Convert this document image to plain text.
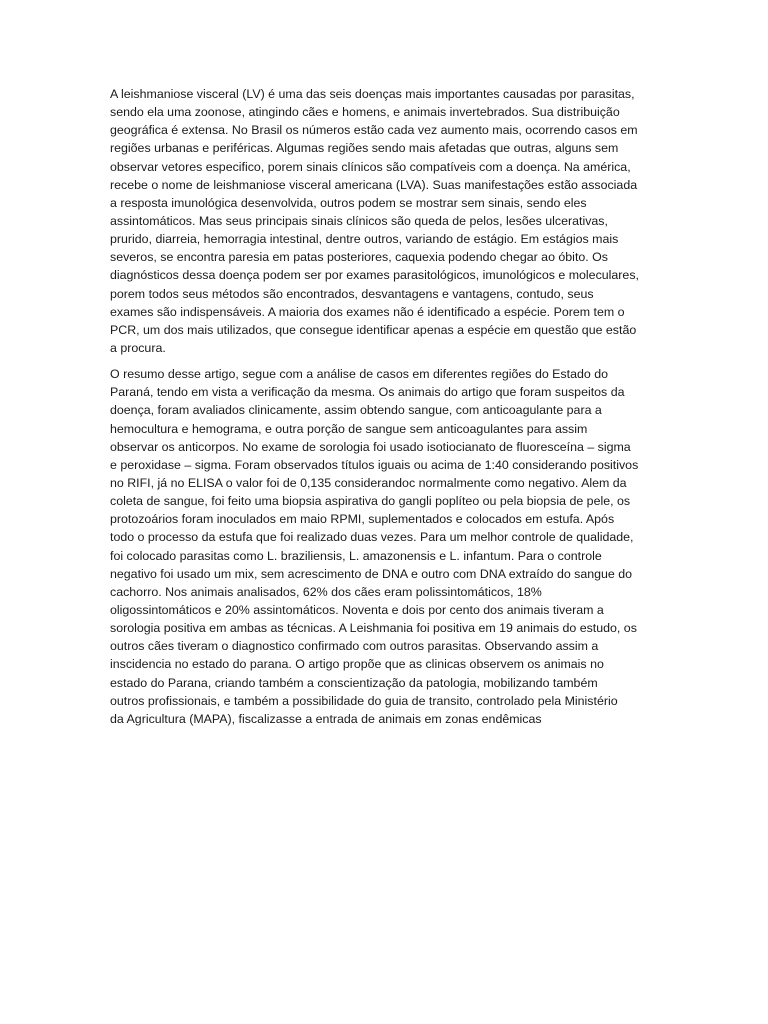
A leishmaniose visceral (LV) é uma das seis doenças mais importantes causadas por parasitas,
sendo ela uma zoonose, atingindo cães e homens, e animais invertebrados. Sua distribuição
geográfica é extensa. No Brasil os números estão cada vez aumento mais, ocorrendo casos em
regiões urbanas e periféricas. Algumas regiões sendo mais afetadas que outras, alguns sem
observar vetores especifico, porem sinais clínicos são compatíveis com a doença. Na américa,
recebe o nome de leishmaniose visceral americana (LVA). Suas manifestações estão associada
a resposta imunológica desenvolvida, outros podem se mostrar sem sinais, sendo eles
assintomáticos. Mas seus principais sinais clínicos são queda de pelos, lesões ulcerativas,
prurido, diarreia, hemorragia intestinal, dentre outros, variando de estágio. Em estágios mais
severos, se encontra paresia em patas posteriores, caquexia podendo chegar ao óbito. Os
diagnósticos dessa doença podem ser por exames parasitológicos, imunológicos e moleculares,
porem todos seus métodos são encontrados, desvantagens e vantagens, contudo, seus
exames são indispensáveis. A maioria dos exames não é identificado a espécie. Porem tem o
PCR, um dos mais utilizados, que consegue identificar apenas a espécie em questão que estão
a procura.
O resumo desse artigo, segue com a análise de casos em diferentes regiões do Estado do
Paraná, tendo em vista a verificação da mesma. Os animais do artigo que foram suspeitos da
doença, foram avaliados clinicamente, assim obtendo sangue, com anticoagulante para a
hemocultura e hemograma, e outra porção de sangue sem anticoagulantes para assim
observar os anticorpos. No exame de sorologia foi usado isotiocianato de fluoresceína – sigma
e peroxidase – sigma. Foram observados títulos iguais ou acima de 1:40 considerando positivos
no RIFI, já no ELISA o valor foi de 0,135 considerandoc normalmente como negativo. Alem da
coleta de sangue, foi feito uma biopsia aspirativa do gangli poplíteo ou pela biopsia de pele, os
protozoários foram inoculados em maio RPMI, suplementados e colocados em estufa. Após
todo o processo da estufa que foi realizado duas vezes. Para um melhor controle de qualidade,
foi colocado parasitas como L. braziliensis, L. amazonensis e L. infantum. Para o controle
negativo foi usado um mix, sem acrescimento de DNA e outro com DNA extraído do sangue do
cachorro. Nos animais analisados, 62% dos cães eram polissintomáticos, 18%
oligossintomáticos e 20% assintomáticos. Noventa e dois por cento dos animais tiveram a
sorologia positiva em ambas as técnicas. A Leishmania foi positiva em 19 animais do estudo, os
outros cães tiveram o diagnostico confirmado com outros parasitas. Observando assim a
inscidencia no estado do parana. O artigo propõe que as clinicas observem os animais no
estado do Parana, criando também a conscientização da patologia, mobilizando também
outros profissionais, e também a possibilidade do guia de transito, controlado pela Ministério
da Agricultura (MAPA), fiscalizasse a entrada de animais em zonas endêmicas
